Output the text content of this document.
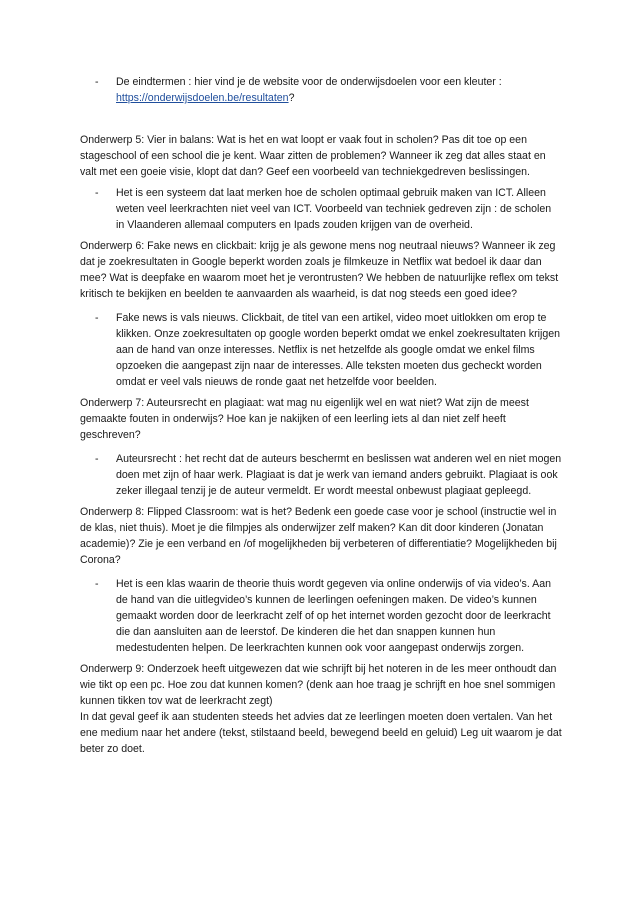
- De eindtermen : hier vind je de website voor de onderwijsdoelen voor een kleuter : https://onderwijsdoelen.be/resultaten?

Onderwerp 5: Vier in balans: Wat is het en wat loopt er vaak fout in scholen? Pas dit toe op een stageschool of een school die je kent. Waar zitten de problemen? Wanneer ik zeg dat alles staat en valt met een goeie visie, klopt dat dan? Geef een voorbeeld van techniekgedreven beslissingen.

- Het is een systeem dat laat merken hoe de scholen optimaal gebruik maken van ICT. Alleen weten veel leerkrachten niet veel van ICT. Voorbeeld van techniek gedreven zijn : de scholen in Vlaanderen allemaal computers en Ipads zouden krijgen van de overheid.

Onderwerp 6: Fake news en clickbait: krijg je als gewone mens nog neutraal nieuws? Wanneer ik zeg dat je zoekresultaten in Google beperkt worden zoals je filmkeuze in Netflix wat bedoel ik daar dan mee? Wat is deepfake en waarom moet het je verontrusten? We hebben de natuurlijke reflex om tekst kritisch te bekijken en beelden te aanvaarden als waarheid, is dat nog steeds een goed idee?

- Fake news is vals nieuws. Clickbait, de titel van een artikel, video moet uitlokken om erop te klikken. Onze zoekresultaten op google worden beperkt omdat we enkel zoekresultaten krijgen aan de hand van onze interesses. Netflix is net hetzelfde als google omdat we enkel films opzoeken die aangepast zijn naar de interesses. Alle teksten moeten dus gecheckt worden omdat er veel vals nieuws de ronde gaat net hetzelfde voor beelden.

Onderwerp 7: Auteursrecht en plagiaat: wat mag nu eigenlijk wel en wat niet? Wat zijn de meest gemaakte fouten in onderwijs? Hoe kan je nakijken of een leerling iets al dan niet zelf heeft geschreven?

- Auteursrecht : het recht dat de auteurs beschermt en beslissen wat anderen wel en niet mogen doen met zijn of haar werk. Plagiaat is dat je werk van iemand anders gebruikt. Plagiaat is ook zeker illegaal tenzij je de auteur vermeldt. Er wordt meestal onbewust plagiaat gepleegd.

Onderwerp 8: Flipped Classroom: wat is het? Bedenk een goede case voor je school (instructie wel in de klas, niet thuis). Moet je die filmpjes als onderwijzer zelf maken? Kan dit door kinderen (Jonatan academie)? Zie je een verband en /of mogelijkheden bij verbeteren of differentiatie? Mogelijkheden bij Corona?

- Het is een klas waarin de theorie thuis wordt gegeven via online onderwijs of via video’s. Aan de hand van die uitlegvideo’s kunnen de leerlingen oefeningen maken. De video’s kunnen gemaakt worden door de leerkracht zelf of op het internet worden gezocht door de leerkracht die dan aansluiten aan de leerstof. De kinderen die het dan snappen kunnen hun medestudenten helpen. De leerkrachten kunnen ook voor aangepast onderwijs zorgen.

Onderwerp 9: Onderzoek heeft uitgewezen dat wie schrijft bij het noteren in de les meer onthoudt dan wie tikt op een pc. Hoe zou dat kunnen komen? (denk aan hoe traag je schrijft en hoe snel sommigen kunnen tikken tov wat de leerkracht zegt)

In dat geval geef ik aan studenten steeds het advies dat ze leerlingen moeten doen vertalen. Van het ene medium naar het andere (tekst, stilstaand beeld, bewegend beeld en geluid) Leg uit waarom je dat beter zo doet.
